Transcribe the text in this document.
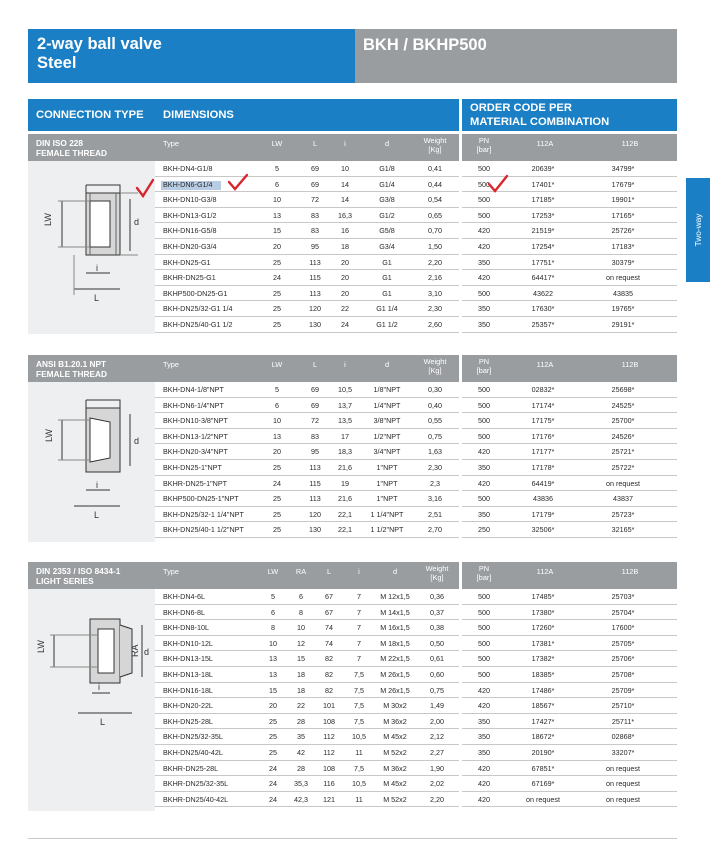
2-way ball valve
Steel
BKH / BKHP500
CONNECTION TYPE	DIMENSIONS
ORDER CODE PER
MATERIAL COMBINATION
Two-way
DIN ISO 228
FEMALE THREAD
LW	d
i
L
Type	LW	L	i	d	Weight
[Kg]
PN
[bar]
112A	112B
BKH-DN4-G1/8	5	69	10	G1/8	0,41	500	20639*	34799*
BKH-DN6-G1/4	6	69	14	G1/4	0,44	500	17401*	17679*
BKH-DN10-G3/8	10	72	14	G3/8	0,54	500	17185*	19901*
BKH-DN13-G1/2	13	83	16,3	G1/2	0,65	500	17253*	17165*
BKH-DN16-G5/8	15	83	16	G5/8	0,70	420	21519*	25726*
BKH-DN20-G3/4	20	95	18	G3/4	1,50	420	17254*	17183*
BKH-DN25-G1	25	113	20	G1	2,20	350	17751*	30379*
BKHR-DN25-G1	24	115	20	G1	2,16	420	64417*	on request
BKHP500-DN25-G1	25	113	20	G1	3,10	500	43622	43835
BKH-DN25/32-G1 1/4	25	120	22	G1 1/4	2,30	350	17630*	19765*
BKH-DN25/40-G1 1/2	25	130	24	G1 1/2	2,60	350	25357*	29191*
ANSI B1.20.1 NPT
FEMALE THREAD
LW	d
i
L
Type	LW	L	i	d	Weight
[Kg]
PN
[bar]
112A	112B
BKH-DN4-1/8"NPT	5	69	10,5	1/8"NPT	0,30	500	02832*	25698*
BKH-DN6-1/4"NPT	6	69	13,7	1/4"NPT	0,40	500	17174*	24525*
BKH-DN10-3/8"NPT	10	72	13,5	3/8"NPT	0,55	500	17175*	25700*
BKH-DN13-1/2"NPT	13	83	17	1/2"NPT	0,75	500	17176*	24526*
BKH-DN20-3/4"NPT	20	95	18,3	3/4"NPT	1,63	420	17177*	25721*
BKH-DN25-1"NPT	25	113	21,6	1"NPT	2,30	350	17178*	25722*
BKHR-DN25-1"NPT	24	115	19	1"NPT	2,3	420	64419*	on request
BKHP500-DN25-1"NPT	25	113	21,6	1"NPT	3,16	500	43836	43837
BKH-DN25/32-1 1/4"NPT	25	120	22,1	1 1/4"NPT	2,51	350	17179*	25723*
BKH-DN25/40-1 1/2"NPT	25	130	22,1	1 1/2"NPT	2,70	250	32506*	32165*
DIN 2353 / ISO 8434-1
LIGHT SERIES
LW	RA d
i
L
Type	LW	RA	L	i	d	Weight
[Kg]
PN
[bar]
112A	112B
BKH-DN4-6L	5	6	67	7	M 12x1,5	0,36	500	17485*	25703*
BKH-DN6-8L	6	8	67	7	M 14x1,5	0,37	500	17380*	25704*
BKH-DN8-10L	8	10	74	7	M 16x1,5	0,38	500	17260*	17600*
BKH-DN10-12L	10	12	74	7	M 18x1,5	0,50	500	17381*	25705*
BKH-DN13-15L	13	15	82	7	M 22x1,5	0,61	500	17382*	25706*
BKH-DN13-18L	13	18	82	7,5	M 26x1,5	0,60	500	18385*	25708*
BKH-DN16-18L	15	18	82	7,5	M 26x1,5	0,75	420	17486*	25709*
BKH-DN20-22L	20	22	101	7,5	M 30x2	1,49	420	18567*	25710*
BKH-DN25-28L	25	28	108	7,5	M 36x2	2,00	350	17427*	25711*
BKH-DN25/32-35L	25	35	112	10,5	M 45x2	2,12	350	18672*	02868*
BKH-DN25/40-42L	25	42	112	11	M 52x2	2,27	350	20190*	33207*
BKHR-DN25-28L	24	28	108	7,5	M 36x2	1,90	420	67851*	on request
BKHR-DN25/32-35L	24	35,3	116	10,5	M 45x2	2,02	420	67169*	on request
BKHR-DN25/40-42L	24	42,3	121	11	M 52x2	2,20	420	on request	on request
